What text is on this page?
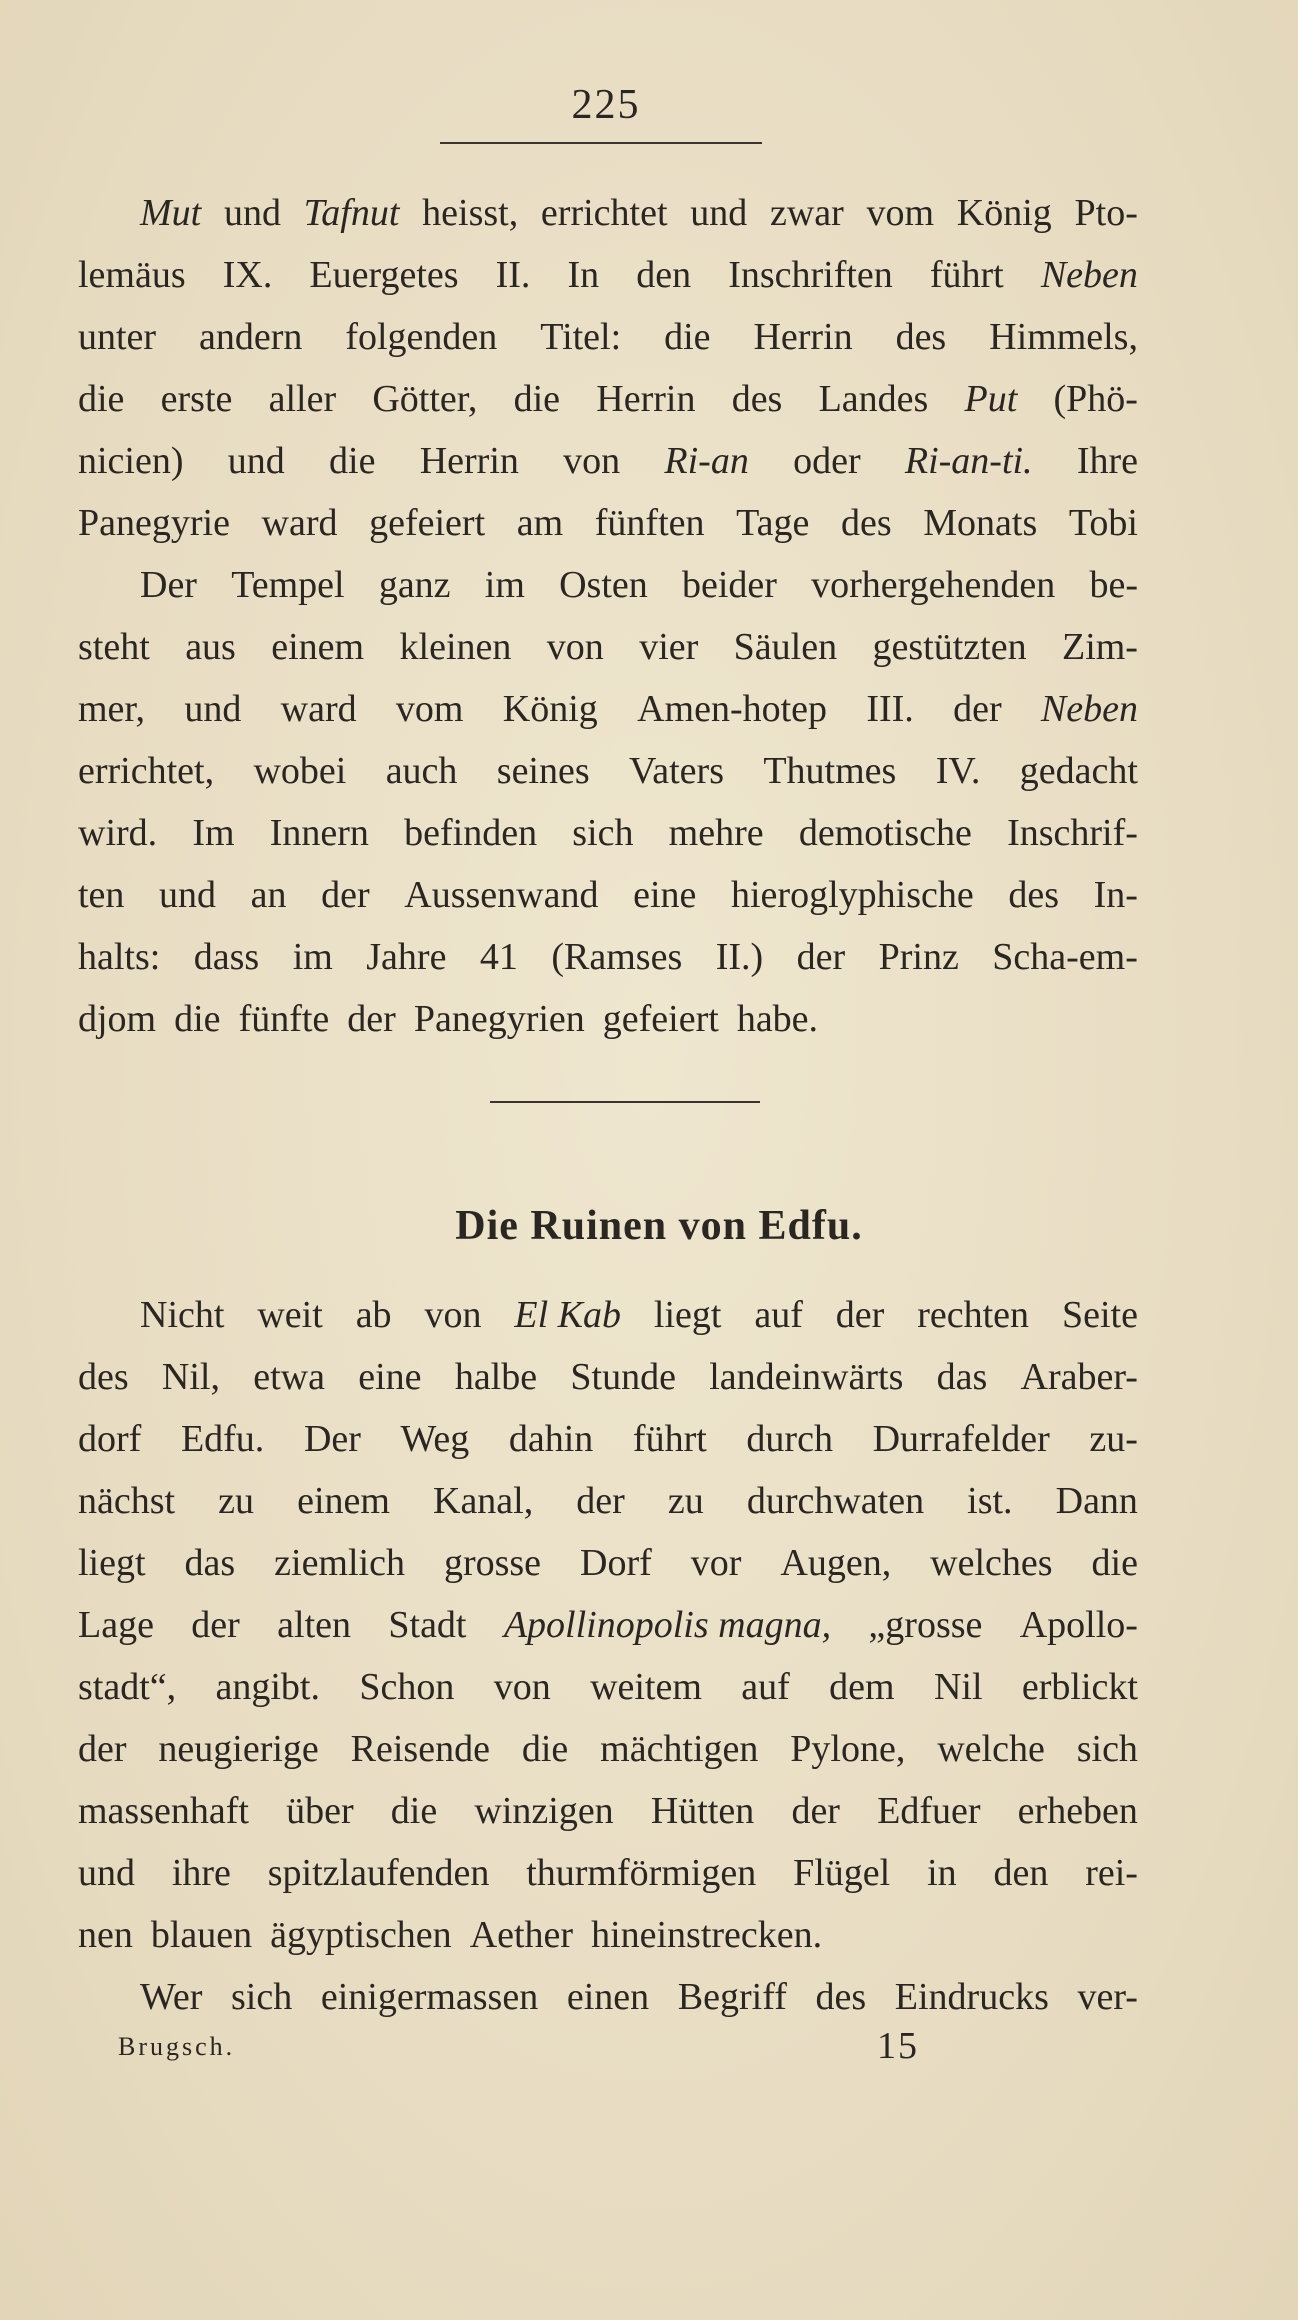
225
Mut und Tafnut heisst, errichtet und zwar vom König Pto-
lemäus IX. Euergetes II. In den Inschriften führt Neben
unter andern folgenden Titel: die Herrin des Himmels,
die erste aller Götter, die Herrin des Landes Put (Phö-
nicien) und die Herrin von Ri-an oder Ri-an-ti. Ihre
Panegyrie ward gefeiert am fünften Tage des Monats Tobi
Der Tempel ganz im Osten beider vorhergehenden be-
steht aus einem kleinen von vier Säulen gestützten Zim-
mer, und ward vom König Amen-hotep III. der Neben
errichtet, wobei auch seines Vaters Thutmes IV. gedacht
wird. Im Innern befinden sich mehre demotische Inschrif-
ten und an der Aussenwand eine hieroglyphische des In-
halts: dass im Jahre 41 (Ramses II.) der Prinz Scha-em-
djom die fünfte der Panegyrien gefeiert habe.
Die Ruinen von Edfu.
Nicht weit ab von El Kab liegt auf der rechten Seite
des Nil, etwa eine halbe Stunde landeinwärts das Araber-
dorf Edfu. Der Weg dahin führt durch Durrafelder zu-
nächst zu einem Kanal, der zu durchwaten ist. Dann
liegt das ziemlich grosse Dorf vor Augen, welches die
Lage der alten Stadt Apollinopolis magna, „grosse Apollo-
stadt“, angibt. Schon von weitem auf dem Nil erblickt
der neugierige Reisende die mächtigen Pylone, welche sich
massenhaft über die winzigen Hütten der Edfuer erheben
und ihre spitzlaufenden thurmförmigen Flügel in den rei-
nen blauen ägyptischen Aether hineinstrecken.
Wer sich einigermassen einen Begriff des Eindrucks ver-
Brugsch.	15
